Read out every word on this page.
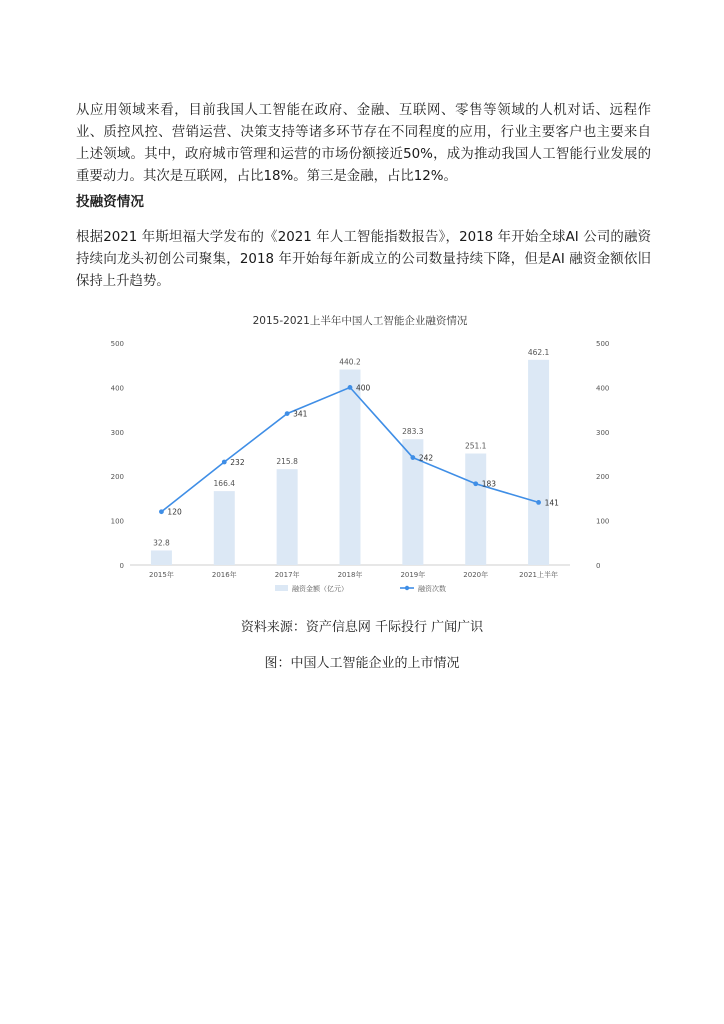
从应用领域来看，目前我国人工智能在政府、金融、互联网、零售等领域的人机对话、远程作业、质控风控、营销运营、决策支持等诸多环节存在不同程度的应用，行业主要客户也主要来自上述领域。其中，政府城市管理和运营的市场份额接近50%，成为推动我国人工智能行业发展的重要动力。其次是互联网，占比18%。第三是金融，占比12%。

投融资情况

根据2021 年斯坦福大学发布的《2021 年人工智能指数报告》，2018 年开始全球AI 公司的融资持续向龙头初创公司聚集，2018 年开始每年新成立的公司数量持续下降，但是AI 融资金额依旧保持上升趋势。

2015-2021上半年中国人工智能企业融资情况
0
100
200
300
400
500
0
100
200
300
400
500
32.8
2015年
166.4
2016年
215.8
2017年
440.2
2018年
283.3
2019年
251.1
2020年
462.1
2021上半年
120
232
341
400
242
183
141
融资金额（亿元）	融资次数

资料来源：资产信息网 千际投行 广闻广识

图：中国人工智能企业的上市情况
